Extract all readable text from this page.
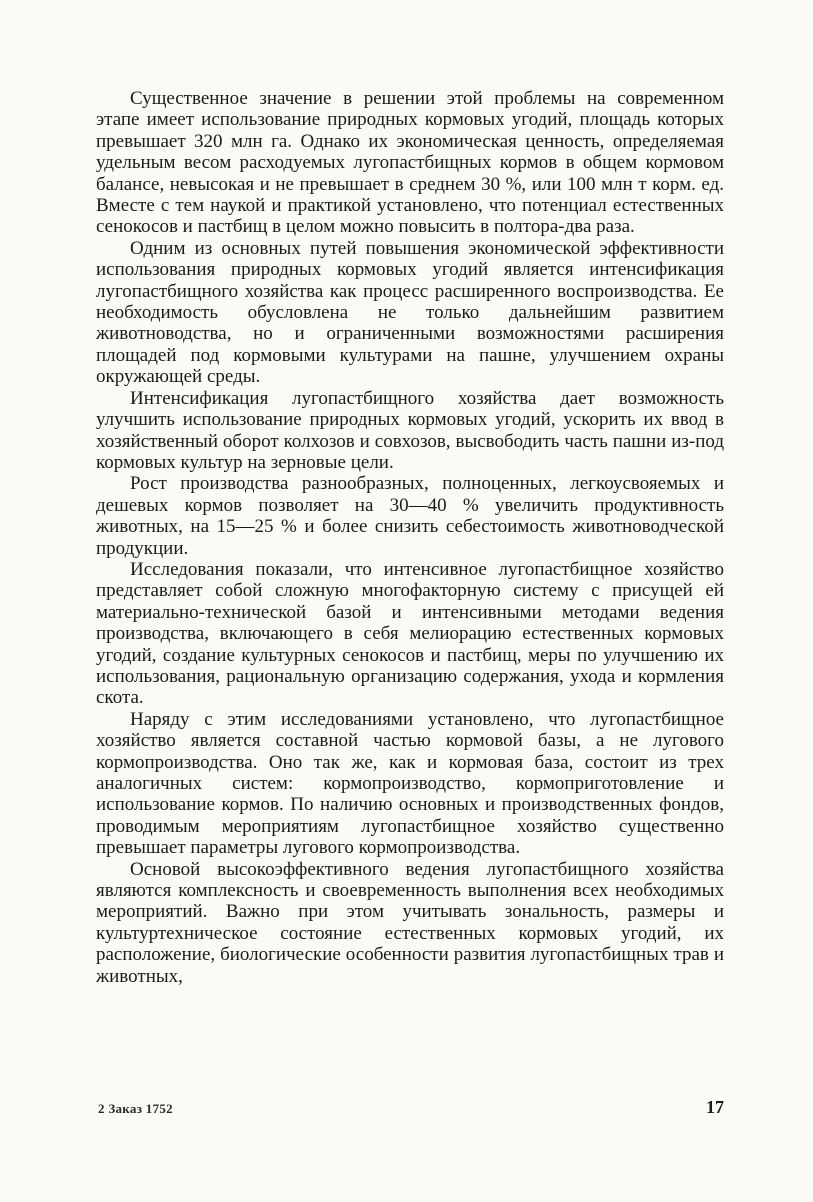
Существенное значение в решении этой проблемы на современном этапе имеет использование природных кормовых угодий, площадь которых превышает 320 млн га. Однако их экономическая ценность, определяемая удельным весом расходуемых лугопастбищных кормов в общем кормовом балансе, невысокая и не превышает в среднем 30 %, или 100 млн т корм. ед. Вместе с тем наукой и практикой установлено, что потенциал естественных сенокосов и пастбищ в целом можно повысить в полтора-два раза.

Одним из основных путей повышения экономической эффективности использования природных кормовых угодий является интенсификация лугопастбищного хозяйства как процесс расширенного воспроизводства. Ее необходимость обусловлена не только дальнейшим развитием животноводства, но и ограниченными возможностями расширения площадей под кормовыми культурами на пашне, улучшением охраны окружающей среды.

Интенсификация лугопастбищного хозяйства дает возможность улучшить использование природных кормовых угодий, ускорить их ввод в хозяйственный оборот колхозов и совхозов, высвободить часть пашни из-под кормовых культур на зерновые цели.

Рост производства разнообразных, полноценных, легкоусвояемых и дешевых кормов позволяет на 30—40 % увеличить продуктивность животных, на 15—25 % и более снизить себестоимость животноводческой продукции.

Исследования показали, что интенсивное лугопастбищное хозяйство представляет собой сложную многофакторную систему с присущей ей материально-технической базой и интенсивными методами ведения производства, включающего в себя мелиорацию естественных кормовых угодий, создание культурных сенокосов и пастбищ, меры по улучшению их использования, рациональную организацию содержания, ухода и кормления скота.

Наряду с этим исследованиями установлено, что лугопастбищное хозяйство является составной частью кормовой базы, а не лугового кормопроизводства. Оно так же, как и кормовая база, состоит из трех аналогичных систем: кормопроизводство, кормоприготовление и использование кормов. По наличию основных и производственных фондов, проводимым мероприятиям лугопастбищное хозяйство существенно превышает параметры лугового кормопроизводства.

Основой высокоэффективного ведения лугопастбищного хозяйства являются комплексность и своевременность выполнения всех необходимых мероприятий. Важно при этом учитывать зональность, размеры и культуртехническое состояние естественных кормовых угодий, их расположение, биологические особенности развития лугопастбищных трав и животных,

2 Заказ 1752	17
